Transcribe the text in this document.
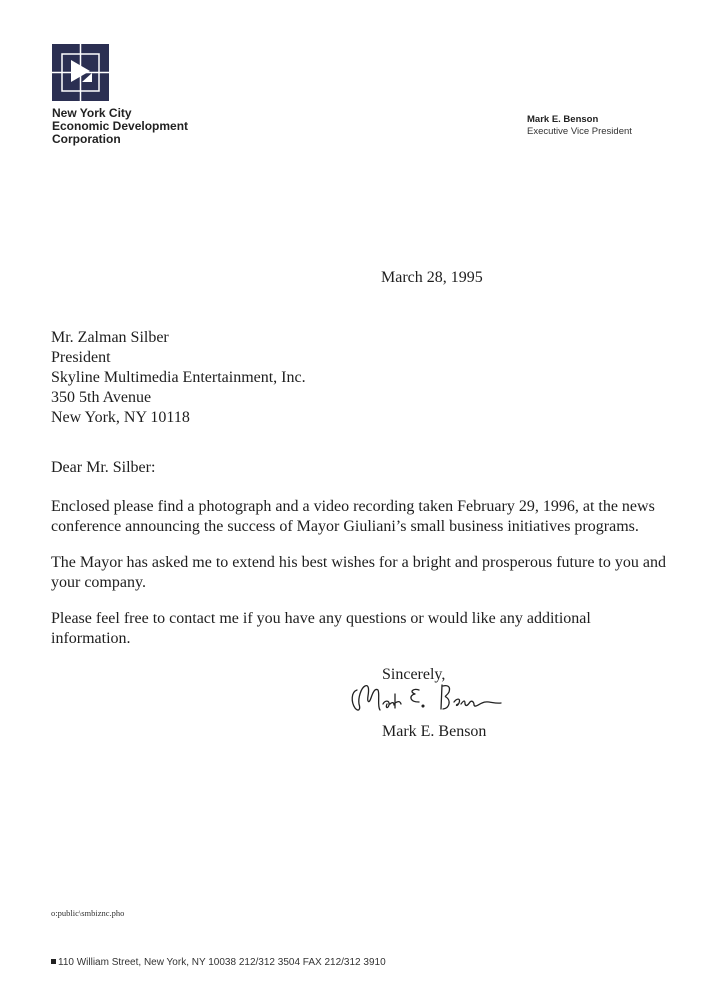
New York City
Economic Development
Corporation
Mark E. Benson
Executive Vice President
March 28, 1995
Mr. Zalman Silber
President
Skyline Multimedia Entertainment, Inc.
350 5th Avenue
New York, NY 10118
Dear Mr. Silber:

Enclosed please find a photograph and a video recording taken February 29, 1996, at the news conference announcing the success of Mayor Giuliani’s small business initiatives programs.

The Mayor has asked me to extend his best wishes for a bright and prosperous future to you and your company.

Please feel free to contact me if you have any questions or would like any additional information.

Sincerely,
Mark E. Benson
o:public\smbiznc.pho
110 William Street, New York, NY 10038 212/312 3504 FAX 212/312 3910
